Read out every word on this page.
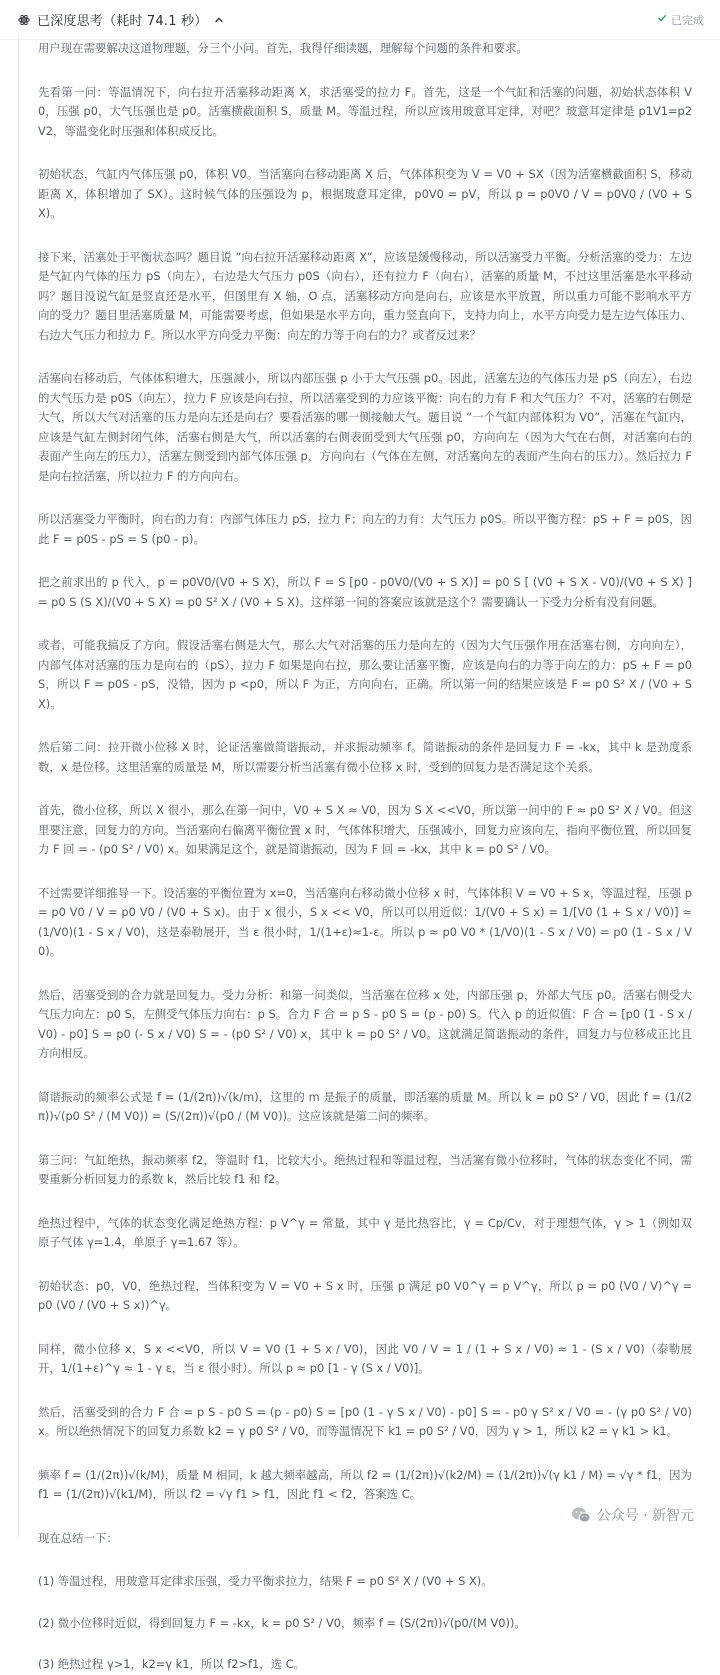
已深度思考（耗时 74.1 秒）	已完成

用户现在需要解决这道物理题，分三个小问。首先，我得仔细读题，理解每个问题的条件和要求。

先看第一问：等温情况下，向右拉开活塞移动距离 X，求活塞受的拉力 F。首先，这是一个气缸和活塞的问题，初始状态体积 V0，压强 p0，大气压强也是 p0。活塞横截面积 S，质量 M。等温过程，所以应该用玻意耳定律，对吧？玻意耳定律是 p1V1=p2V2，等温变化时压强和体积成反比。

初始状态，气缸内气体压强 p0，体积 V0。当活塞向右移动距离 X 后，气体体积变为 V = V0 + SX（因为活塞横截面积 S，移动距离 X，体积增加了 SX）。这时候气体的压强设为 p，根据玻意耳定律，p0V0 = pV，所以 p = p0V0 / V = p0V0 / (V0 + S X)。

接下来，活塞处于平衡状态吗？题目说 “向右拉开活塞移动距离 X”，应该是缓慢移动，所以活塞受力平衡。分析活塞的受力：左边是气缸内气体的压力 pS（向左），右边是大气压力 p0S（向右），还有拉力 F（向右），活塞的质量 M，不过这里活塞是水平移动吗？题目没说气缸是竖直还是水平，但图里有 X 轴，O 点，活塞移动方向是向右，应该是水平放置，所以重力可能不影响水平方向的受力？题目里活塞质量 M，可能需要考虑，但如果是水平方向，重力竖直向下，支持力向上，水平方向受力是左边气体压力、右边大气压力和拉力 F。所以水平方向受力平衡：向左的力等于向右的力？或者反过来？

活塞向右移动后，气体体积增大，压强减小，所以内部压强 p 小于大气压强 p0。因此，活塞左边的气体压力是 pS（向左），右边的大气压力是 p0S（向左），拉力 F 应该是向右拉，所以活塞受到的力应该平衡：向右的力有 F 和大气压力？不对，活塞的右侧是大气，所以大气对活塞的压力是向左还是向右？要看活塞的哪一侧接触大气。题目说 “一个气缸内部体积为 V0”，活塞在气缸内，应该是气缸左侧封闭气体，活塞右侧是大气，所以活塞的右侧表面受到大气压强 p0，方向向左（因为大气在右侧，对活塞向右的表面产生向左的压力），活塞左侧受到内部气体压强 p，方向向右（气体在左侧，对活塞向左的表面产生向右的压力）。然后拉力 F 是向右拉活塞，所以拉力 F 的方向向右。

所以活塞受力平衡时，向右的力有：内部气体压力 pS，拉力 F；向左的力有：大气压力 p0S。所以平衡方程：pS + F = p0S，因此 F = p0S - pS = S (p0 - p)。

把之前求出的 p 代入，p = p0V0/(V0 + S X)，所以 F = S [p0 - p0V0/(V0 + S X)] = p0 S [ (V0 + S X - V0)/(V0 + S X) ] = p0 S (S X)/(V0 + S X) = p0 S² X / (V0 + S X)。这样第一问的答案应该就是这个？需要确认一下受力分析有没有问题。

或者，可能我搞反了方向。假设活塞右侧是大气，那么大气对活塞的压力是向左的（因为大气压强作用在活塞右侧，方向向左），内部气体对活塞的压力是向右的（pS），拉力 F 如果是向右拉，那么要让活塞平衡，应该是向右的力等于向左的力：pS + F = p0S，所以 F = p0S - pS，没错，因为 p <p0，所以 F 为正，方向向右，正确。所以第一问的结果应该是 F = p0 S² X / (V0 + S X)。

然后第二问：拉开微小位移 X 时，论证活塞做简谐振动，并求振动频率 f。简谐振动的条件是回复力 F = -kx，其中 k 是劲度系数，x 是位移。这里活塞的质量是 M，所以需要分析当活塞有微小位移 x 时，受到的回复力是否满足这个关系。

首先，微小位移，所以 X 很小，那么在第一问中，V0 + S X ≈ V0，因为 S X <<V0，所以第一问中的 F ≈ p0 S² X / V0。但这里要注意，回复力的方向。当活塞向右偏离平衡位置 x 时，气体体积增大，压强减小，回复力应该向左，指向平衡位置，所以回复力 F 回 = - (p0 S² / V0) x。如果满足这个，就是简谐振动，因为 F 回 = -kx，其中 k = p0 S² / V0。

不过需要详细推导一下。设活塞的平衡位置为 x=0，当活塞向右移动微小位移 x 时，气体体积 V = V0 + S x，等温过程，压强 p = p0 V0 / V = p0 V0 / (V0 + S x)。由于 x 很小，S x << V0，所以可以用近似：1/(V0 + S x) = 1/[V0 (1 + S x / V0)] ≈ (1/V0)(1 - S x / V0)，这是泰勒展开，当 ε 很小时，1/(1+ε)≈1-ε。所以 p ≈ p0 V0 * (1/V0)(1 - S x / V0) = p0 (1 - S x / V0)。

然后，活塞受到的合力就是回复力。受力分析：和第一问类似，当活塞在位移 x 处，内部压强 p，外部大气压 p0。活塞右侧受大气压力向左：p0 S，左侧受气体压力向右：p S。合力 F 合 = p S - p0 S = (p - p0) S。代入 p 的近似值：F 合 = [p0 (1 - S x / V0) - p0] S = p0 (- S x / V0) S = - (p0 S² / V0) x，其中 k = p0 S² / V0。这就满足简谐振动的条件，回复力与位移成正比且方向相反。

简谐振动的频率公式是 f = (1/(2π))√(k/m)，这里的 m 是振子的质量，即活塞的质量 M。所以 k = p0 S² / V0，因此 f = (1/(2π))√(p0 S² / (M V0)) = (S/(2π))√(p0 / (M V0))。这应该就是第二问的频率。

第三问：气缸绝热，振动频率 f2，等温时 f1，比较大小。绝热过程和等温过程，当活塞有微小位移时，气体的状态变化不同，需要重新分析回复力的系数 k，然后比较 f1 和 f2。

绝热过程中，气体的状态变化满足绝热方程：p V^γ = 常量，其中 γ 是比热容比，γ = Cp/Cv，对于理想气体，γ > 1（例如双原子气体 γ=1.4，单原子 γ=1.67 等）。

初始状态：p0，V0，绝热过程，当体积变为 V = V0 + S x 时，压强 p 满足 p0 V0^γ = p V^γ，所以 p = p0 (V0 / V)^γ = p0 (V0 / (V0 + S x))^γ。

同样，微小位移 x，S x <<V0，所以 V = V0 (1 + S x / V0)，因此 V0 / V = 1 / (1 + S x / V0) ≈ 1 - (S x / V0)（泰勒展开，1/(1+ε)^γ ≈ 1 - γ ε，当 ε 很小时）。所以 p ≈ p0 [1 - γ (S x / V0)]。

然后，活塞受到的合力 F 合 = p S - p0 S = (p - p0) S = [p0 (1 - γ S x / V0) - p0] S = - p0 γ S² x / V0 = - (γ p0 S² / V0) x。所以绝热情况下的回复力系数 k2 = γ p0 S² / V0，而等温情况下 k1 = p0 S² / V0，因为 γ > 1，所以 k2 = γ k1 > k1。

频率 f = (1/(2π))√(k/M)，质量 M 相同，k 越大频率越高，所以 f2 = (1/(2π))√(k2/M) = (1/(2π))√(γ k1 / M) = √γ * f1，因为 f1 = (1/(2π))√(k1/M)，所以 f2 = √γ f1 > f1，因此 f1 < f2，答案选 C。

现在总结一下：

(1) 等温过程，用玻意耳定律求压强，受力平衡求拉力，结果 F = p0 S² X / (V0 + S X)。

(2) 微小位移时近似，得到回复力 F = -kx，k = p0 S² / V0，频率 f = (S/(2π))√(p0/(M V0))。

(3) 绝热过程 γ>1，k2=γ k1，所以 f2>f1，选 C。

公众号 · 新智元
